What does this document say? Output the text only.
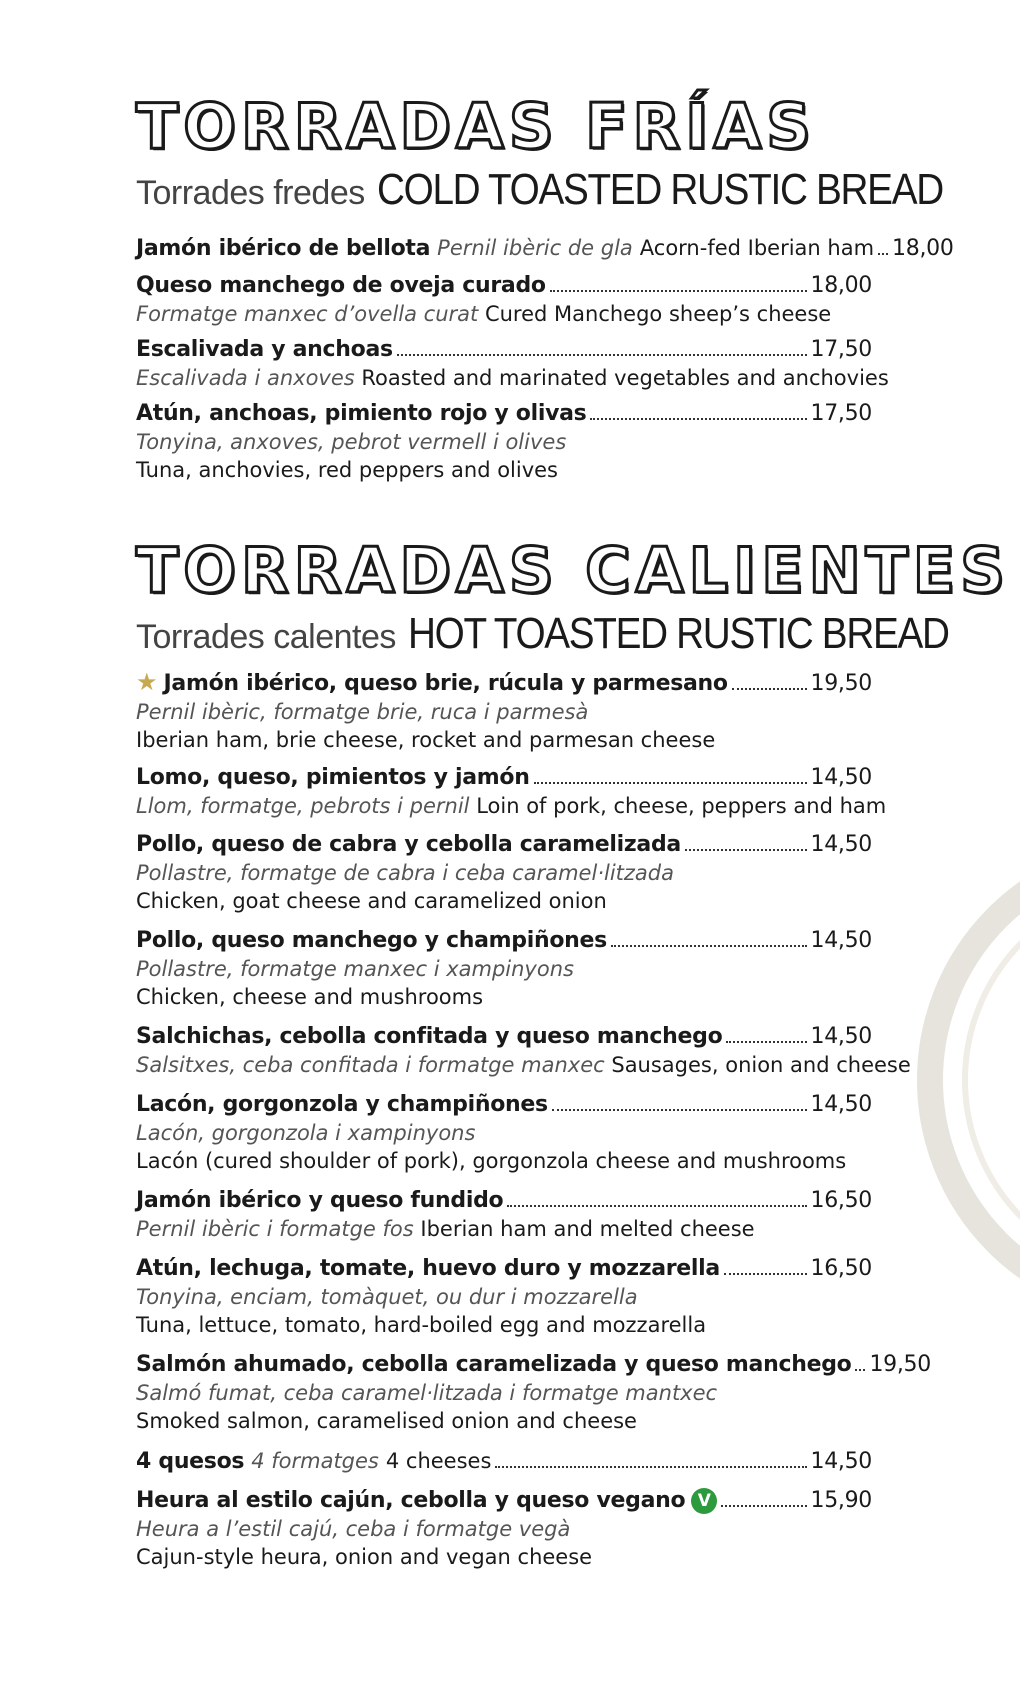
TORRADAS FRÍAS
Torrades fredes COLD TOASTED RUSTIC BREAD
Jamón ibérico de bellota Pernil ibèric de gla Acorn-fed Iberian ham 18,00
Queso manchego de oveja curado	18,00
Formatge manxec d’ovella curat Cured Manchego sheep’s cheese
Escalivada y anchoas	17,50
Escalivada i anxoves Roasted and marinated vegetables and anchovies
Atún, anchoas, pimiento rojo y olivas	17,50
Tonyina, anxoves, pebrot vermell i olives
Tuna, anchovies, red peppers and olives
TORRADAS CALIENTES
Torrades calentes HOT TOASTED RUSTIC BREAD
★ Jamón ibérico, queso brie, rúcula y parmesano	19,50
Pernil ibèric, formatge brie, ruca i parmesà
Iberian ham, brie cheese, rocket and parmesan cheese
Lomo, queso, pimientos y jamón	14,50
Llom, formatge, pebrots i pernil Loin of pork, cheese, peppers and ham
Pollo, queso de cabra y cebolla caramelizada	14,50
Pollastre, formatge de cabra i ceba caramel·litzada
Chicken, goat cheese and caramelized onion
Pollo, queso manchego y champiñones	14,50
Pollastre, formatge manxec i xampinyons
Chicken, cheese and mushrooms
Salchichas, cebolla confitada y queso manchego	14,50
Salsitxes, ceba confitada i formatge manxec Sausages, onion and cheese
Lacón, gorgonzola y champiñones	14,50
Lacón, gorgonzola i xampinyons
Lacón (cured shoulder of pork), gorgonzola cheese and mushrooms
Jamón ibérico y queso fundido	16,50
Pernil ibèric i formatge fos Iberian ham and melted cheese
Atún, lechuga, tomate, huevo duro y mozzarella	16,50
Tonyina, enciam, tomàquet, ou dur i mozzarella
Tuna, lettuce, tomato, hard-boiled egg and mozzarella
Salmón ahumado, cebolla caramelizada y queso manchego 19,50
Salmó fumat, ceba caramel·litzada i formatge mantxec
Smoked salmon, caramelised onion and cheese
4 quesos 4 formatges 4 cheeses	14,50
Heura al estilo cajún, cebolla y queso vegano V	15,90
Heura a l’estil cajú, ceba i formatge vegà
Cajun-style heura, onion and vegan cheese
